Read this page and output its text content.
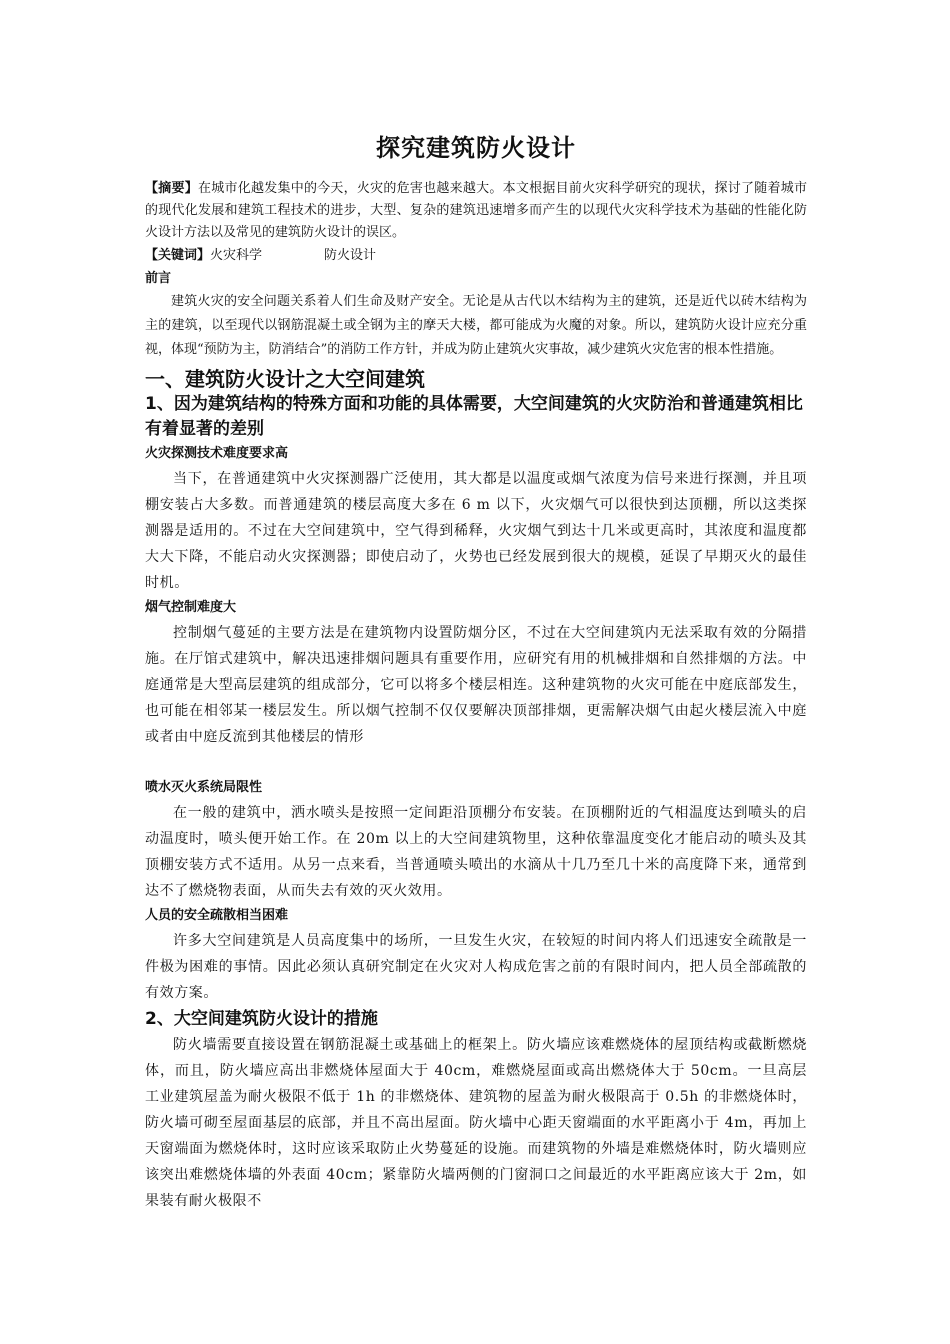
探究建筑防火设计

【摘要】在城市化越发集中的今天，火灾的危害也越来越大。本文根据目前火灾科学研究的现状，探讨了随着城市的现代化发展和建筑工程技术的进步，大型、复杂的建筑迅速增多而产生的以现代火灾科学技术为基础的性能化防火设计方法以及常见的建筑防火设计的误区。

【关键词】火灾科学	防火设计

前言

建筑火灾的安全问题关系着人们生命及财产安全。无论是从古代以木结构为主的建筑，还是近代以砖木结构为主的建筑，以至现代以钢筋混凝土或全钢为主的摩天大楼，都可能成为火魔的对象。所以，建筑防火设计应充分重视，体现“预防为主，防消结合”的消防工作方针，并成为防止建筑火灾事故，减少建筑火灾危害的根本性措施。

一、建筑防火设计之大空间建筑
1、因为建筑结构的特殊方面和功能的具体需要，大空间建筑的火灾防治和普通建筑相比有着显著的差别

火灾探测技术难度要求高

当下，在普通建筑中火灾探测器广泛使用，其大都是以温度或烟气浓度为信号来进行探测，并且项棚安装占大多数。而普通建筑的楼层高度大多在 6 m 以下，火灾烟气可以很快到达顶棚，所以这类探测器是适用的。不过在大空间建筑中，空气得到稀释，火灾烟气到达十几米或更高时，其浓度和温度都大大下降，不能启动火灾探测器；即使启动了，火势也已经发展到很大的规模，延误了早期灭火的最佳时机。

烟气控制难度大

控制烟气蔓延的主要方法是在建筑物内设置防烟分区，不过在大空间建筑内无法采取有效的分隔措施。在厅馆式建筑中，解决迅速排烟问题具有重要作用，应研究有用的机械排烟和自然排烟的方法。中庭通常是大型高层建筑的组成部分，它可以将多个楼层相连。这种建筑物的火灾可能在中庭底部发生，也可能在相邻某一楼层发生。所以烟气控制不仅仅要解决顶部排烟，更需解决烟气由起火楼层流入中庭或者由中庭反流到其他楼层的情形

喷水灭火系统局限性

在一般的建筑中，洒水喷头是按照一定间距沿顶棚分布安装。在顶棚附近的气相温度达到喷头的启动温度时，喷头便开始工作。在 20m 以上的大空间建筑物里，这种依靠温度变化才能启动的喷头及其顶棚安装方式不适用。从另一点来看，当普通喷头喷出的水滴从十几乃至几十米的高度降下来，通常到达不了燃烧物表面，从而失去有效的灭火效用。

人员的安全疏散相当困难

许多大空间建筑是人员高度集中的场所，一旦发生火灾，在较短的时间内将人们迅速安全疏散是一件极为困难的事情。因此必须认真研究制定在火灾对人构成危害之前的有限时间内，把人员全部疏散的有效方案。

2、大空间建筑防火设计的措施

防火墙需要直接设置在钢筋混凝土或基础上的框架上。防火墙应该难燃烧体的屋顶结构或截断燃烧体，而且，防火墙应高出非燃烧体屋面大于 40cm，难燃烧屋面或高出燃烧体大于 50cm。一旦高层工业建筑屋盖为耐火极限不低于 1h 的非燃烧体、建筑物的屋盖为耐火极限高于 0.5h 的非燃烧体时，防火墙可砌至屋面基层的底部，并且不高出屋面。防火墙中心距天窗端面的水平距离小于 4m，再加上天窗端面为燃烧体时，这时应该采取防止火势蔓延的设施。而建筑物的外墙是难燃烧体时，防火墙则应该突出难燃烧体墙的外表面 40cm；紧靠防火墙两侧的门窗洞口之间最近的水平距离应该大于 2m，如果装有耐火极限不
